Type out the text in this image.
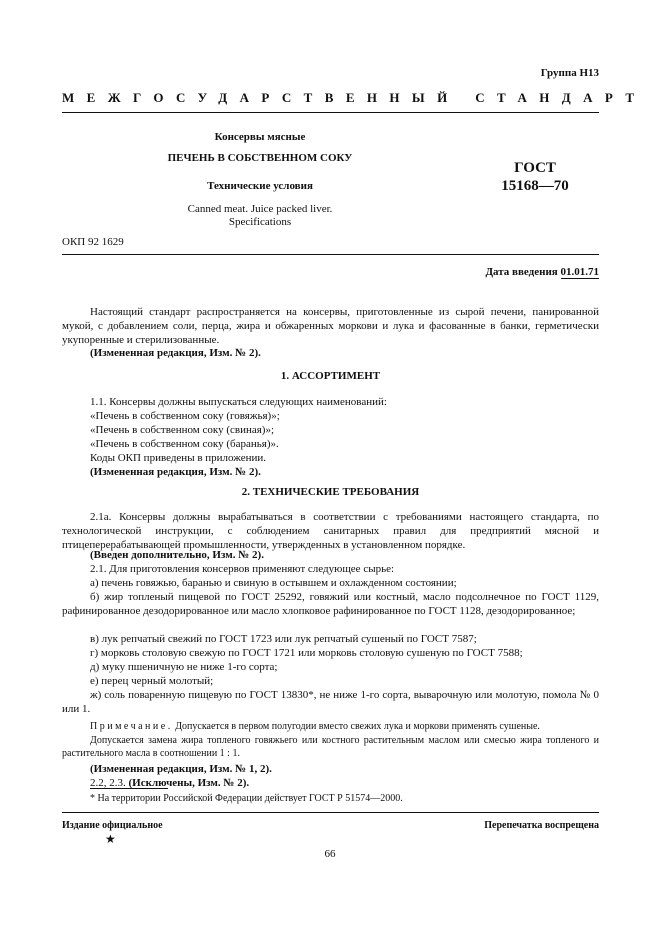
Группа Н13
МЕЖГОСУДАРСТВЕННЫЙ СТАНДАРТ
Консервы мясные
ПЕЧЕНЬ В СОБСТВЕННОМ СОКУ
Технические условия
Canned meat. Juice packed liver.
Specifications
ГОСТ
15168—70
ОКП 92 1629
Дата введения 01.01.71
Настоящий стандарт распространяется на консервы, приготовленные из сырой печени, панированной мукой, с добавлением соли, перца, жира и обжаренных моркови и лука и фасованные в банки, герметически укупоренные и стерилизованные.
(Измененная редакция, Изм. № 2).
1. АССОРТИМЕНТ
1.1. Консервы должны выпускаться следующих наименований:
«Печень в собственном соку (говяжья)»;
«Печень в собственном соку (свиная)»;
«Печень в собственном соку (баранья)».
Коды ОКП приведены в приложении.
(Измененная редакция, Изм. № 2).
2. ТЕХНИЧЕСКИЕ ТРЕБОВАНИЯ
2.1а. Консервы должны вырабатываться в соответствии с требованиями настоящего стандарта, по технологической инструкции, с соблюдением санитарных правил для предприятий мясной и птицеперерабатывающей промышленности, утвержденных в установленном порядке.
(Введен дополнительно, Изм. № 2).
2.1. Для приготовления консервов применяют следующее сырье:
а) печень говяжью, баранью и свиную в остывшем и охлажденном состоянии;
б) жир топленый пищевой по ГОСТ 25292, говяжий или костный, масло подсолнечное по ГОСТ 1129, рафинированное дезодорированное или масло хлопковое рафинированное по ГОСТ 1128, дезодорированное;
в) лук репчатый свежий по ГОСТ 1723 или лук репчатый сушеный по ГОСТ 7587;
г) морковь столовую свежую по ГОСТ 1721 или морковь столовую сушеную по ГОСТ 7588;
д) муку пшеничную не ниже 1-го сорта;
е) перец черный молотый;
ж) соль поваренную пищевую по ГОСТ 13830*, не ниже 1-го сорта, выварочную или молотую, помола № 0 или 1.
Примечание. Допускается в первом полугодии вместо свежих лука и моркови применять сушеные.
Допускается замена жира топленого говяжьего или костного растительным маслом или смесью жира топленого и растительного масла в соотношении 1 : 1.
(Измененная редакция, Изм. № 1, 2).
2.2, 2.3. (Исключены, Изм. № 2).
* На территории Российской Федерации действует ГОСТ Р 51574—2000.
Издание официальное
★
Перепечатка воспрещена
66
